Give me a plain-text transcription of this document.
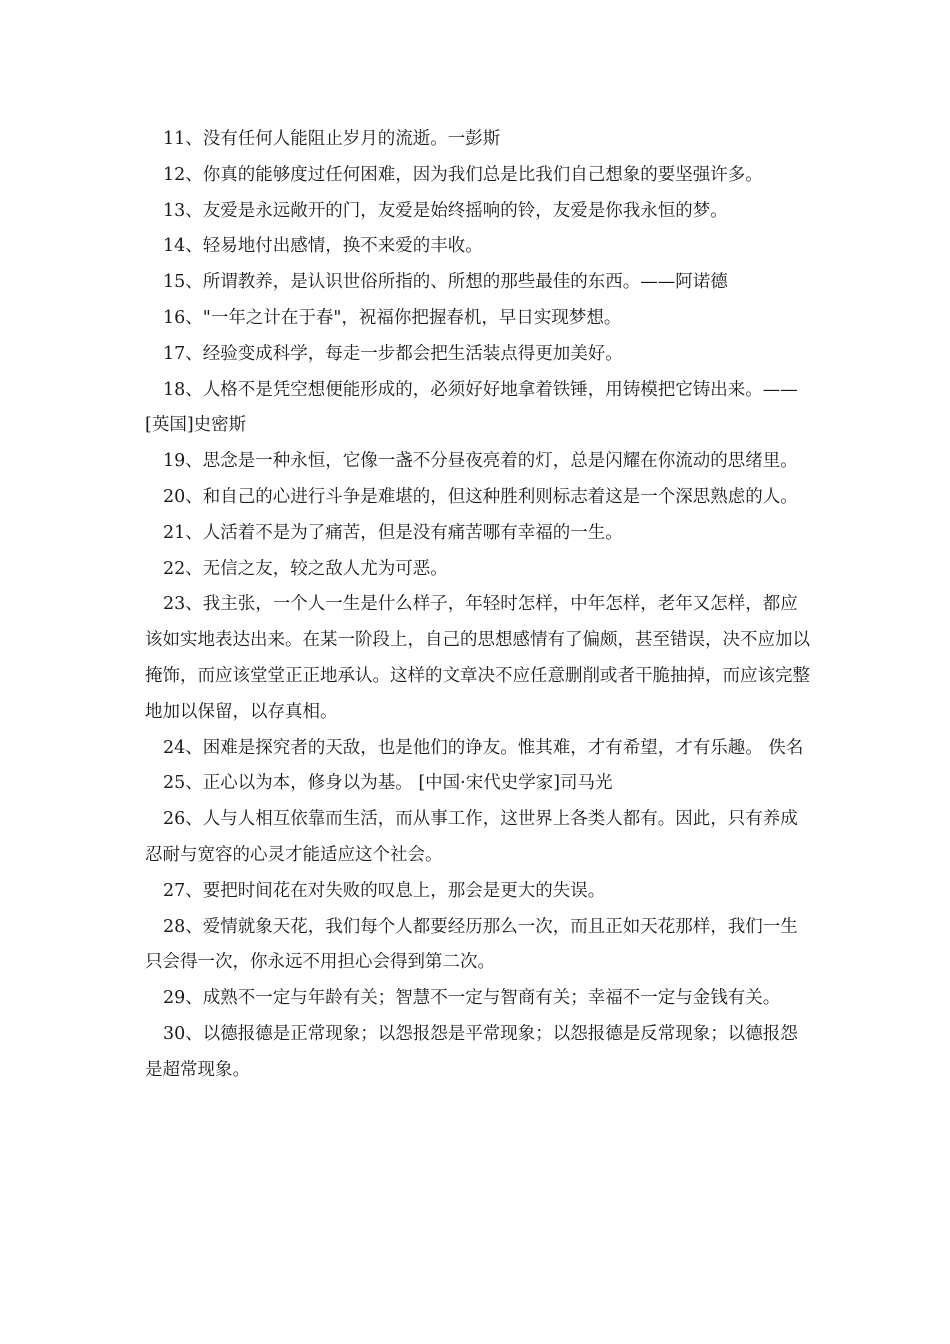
11、没有任何人能阻止岁月的流逝。一彭斯

12、你真的能够度过任何困难，因为我们总是比我们自己想象的要坚强许多。

13、友爱是永远敞开的门，友爱是始终摇响的铃，友爱是你我永恒的梦。

14、轻易地付出感情，换不来爱的丰收。

15、所谓教养，是认识世俗所指的、所想的那些最佳的东西。——阿诺德

16、"一年之计在于春"，祝福你把握春机，早日实现梦想。

17、经验变成科学，每走一步都会把生活装点得更加美好。

18、人格不是凭空想便能形成的，必须好好地拿着铁锤，用铸模把它铸出来。——[英国]史密斯

19、思念是一种永恒，它像一盏不分昼夜亮着的灯，总是闪耀在你流动的思绪里。

20、和自己的心进行斗争是难堪的，但这种胜利则标志着这是一个深思熟虑的人。

21、人活着不是为了痛苦，但是没有痛苦哪有幸福的一生。

22、无信之友，较之敌人尤为可恶。

23、我主张，一个人一生是什么样子，年轻时怎样，中年怎样，老年又怎样，都应该如实地表达出来。在某一阶段上，自己的思想感情有了偏颇，甚至错误，决不应加以掩饰，而应该堂堂正正地承认。这样的文章决不应任意删削或者干脆抽掉，而应该完整地加以保留，以存真相。

24、困难是探究者的天敌，也是他们的诤友。惟其难，才有希望，才有乐趣。 佚名

25、正心以为本，修身以为基。 [中国·宋代史学家]司马光

26、人与人相互依靠而生活，而从事工作，这世界上各类人都有。因此，只有养成忍耐与宽容的心灵才能适应这个社会。

27、要把时间花在对失败的叹息上，那会是更大的失误。

28、爱情就象天花，我们每个人都要经历那么一次，而且正如天花那样，我们一生只会得一次，你永远不用担心会得到第二次。

29、成熟不一定与年龄有关；智慧不一定与智商有关；幸福不一定与金钱有关。

30、以德报德是正常现象；以怨报怨是平常现象；以怨报德是反常现象；以德报怨是超常现象。
